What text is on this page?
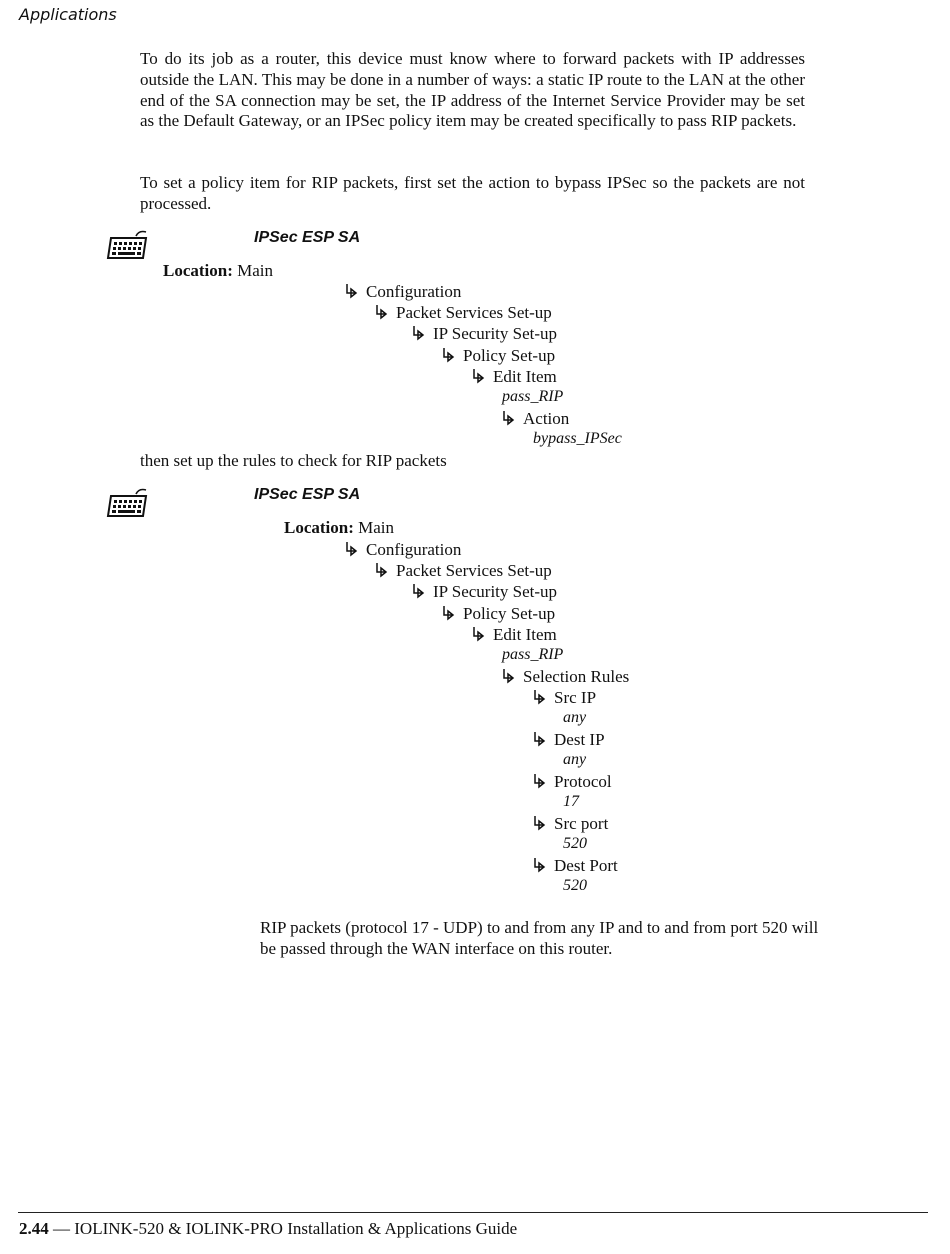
Applications
To do its job as a router, this device must know where to forward packets with IP addresses outside the LAN. This may be done in a number of ways: a static IP route to the LAN at the other end of the SA connection may be set, the IP address of the Internet Service Provider may be set as the Default Gateway, or an IPSec policy item may be created specifically to pass RIP packets.
To set a policy item for RIP packets, first set the action to bypass IPSec so the packets are not processed.
IPSec ESP SA
Location: Main
Configuration
Packet Services Set-up
IP Security Set-up
Policy Set-up
Edit Item
pass_RIP
Action
bypass_IPSec
then set up the rules to check for RIP packets
IPSec ESP SA
Location: Main
Configuration
Packet Services Set-up
IP Security Set-up
Policy Set-up
Edit Item
pass_RIP
Selection Rules
Src IP
any
Dest IP
any
Protocol
17
Src port
520
Dest Port
520
RIP packets (protocol 17 - UDP) to and from any IP and to and from port 520 will be passed through the WAN interface on this router.
2.44 — IOLINK-520 & IOLINK-PRO Installation & Applications Guide
